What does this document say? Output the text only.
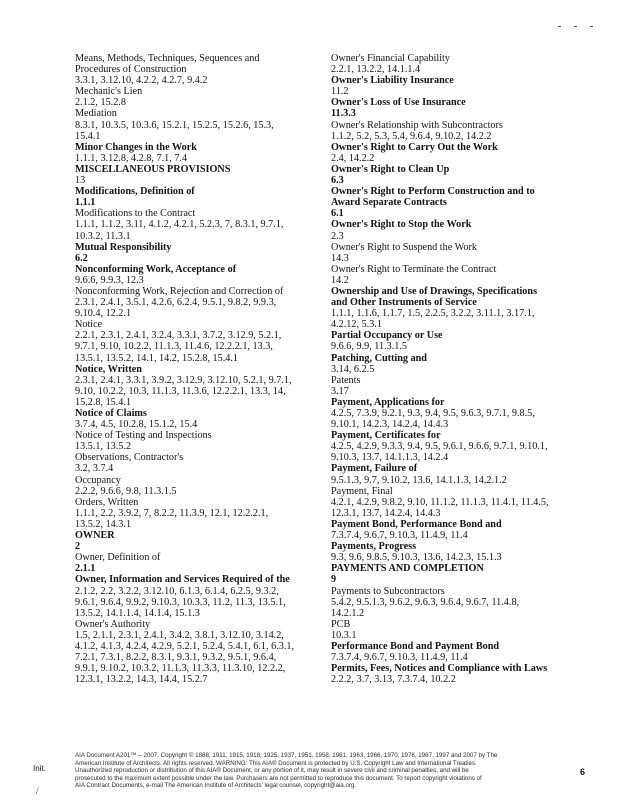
Means, Methods, Techniques, Sequences and
Procedures of Construction
3.3.1, 3.12.10, 4.2.2, 4.2.7, 9.4.2
Mechanic's Lien
2.1.2, 15.2.8
Mediation
8.3.1, 10.3.5, 10.3.6, 15.2.1, 15.2.5, 15.2.6, 15.3,
15.4.1
Minor Changes in the Work
1.1.1, 3.12.8, 4.2.8, 7.1, 7.4
MISCELLANEOUS PROVISIONS
13
Modifications, Definition of
1.1.1
Modifications to the Contract
1.1.1, 1.1.2, 3.11, 4.1.2, 4.2.1, 5.2.3, 7, 8.3.1, 9.7.1,
10.3.2, 11.3.1
Mutual Responsibility
6.2
Nonconforming Work, Acceptance of
9.6.6, 9.9.3, 12.3
Nonconforming Work, Rejection and Correction of
2.3.1, 2.4.1, 3.5.1, 4.2.6, 6.2.4, 9.5.1, 9.8.2, 9.9.3,
9.10.4, 12.2.1
Notice
2.2.1, 2.3.1, 2.4.1, 3.2.4, 3.3.1, 3.7.2, 3.12.9, 5.2.1,
9.7.1, 9.10, 10.2.2, 11.1.3, 11.4.6, 12.2.2.1, 13.3,
13.5.1, 13.5.2, 14.1, 14.2, 15.2.8, 15.4.1
Notice, Written
2.3.1, 2.4.1, 3.3.1, 3.9.2, 3.12.9, 3.12.10, 5.2.1, 9.7.1,
9.10, 10.2.2, 10.3, 11.1.3, 11.3.6, 12.2.2.1, 13.3, 14,
15.2.8, 15.4.1
Notice of Claims
3.7.4, 4.5, 10.2.8, 15.1.2, 15.4
Notice of Testing and Inspections
13.5.1, 13.5.2
Observations, Contractor's
3.2, 3.7.4
Occupancy
2.2.2, 9.6.6, 9.8, 11.3.1.5
Orders, Written
1.1.1, 2.2, 3.9.2, 7, 8.2.2, 11.3.9, 12.1, 12.2.2.1,
13.5.2, 14.3.1
OWNER
2
Owner, Definition of
2.1.1
Owner, Information and Services Required of the
2.1.2, 2.2, 3.2.2, 3.12.10, 6.1.3, 6.1.4, 6.2.5, 9.3.2,
9.6.1, 9.6.4, 9.9.2, 9.10.3, 10.3.3, 11.2, 11.3, 13.5.1,
13.5.2, 14.1.1.4, 14.1.4, 15.1.3
Owner's Authority
1.5, 2.1.1, 2.3.1, 2.4.1, 3.4.2, 3.8.1, 3.12.10, 3.14.2,
4.1.2, 4.1.3, 4.2.4, 4.2.9, 5.2.1, 5.2.4, 5.4.1, 6.1, 6.3.1,
7.2.1, 7.3.1, 8.2.2, 8.3.1, 9.3.1, 9.3.2, 9.5.1, 9.6.4,
9.9.1, 9.10.2, 10.3.2, 11.1.3, 11.3.3, 11.3.10, 12.2.2,
12.3.1, 13.2.2, 14.3, 14.4, 15.2.7
Owner's Financial Capability
2.2.1, 13.2.2, 14.1.1.4
Owner's Liability Insurance
11.2
Owner's Loss of Use Insurance
11.3.3
Owner's Relationship with Subcontractors
1.1.2, 5.2, 5.3, 5.4, 9.6.4, 9.10.2, 14.2.2
Owner's Right to Carry Out the Work
2.4, 14.2.2
Owner's Right to Clean Up
6.3
Owner's Right to Perform Construction and to
Award Separate Contracts
6.1
Owner's Right to Stop the Work
2.3
Owner's Right to Suspend the Work
14.3
Owner's Right to Terminate the Contract
14.2
Ownership and Use of Drawings, Specifications
and Other Instruments of Service
1.1.1, 1.1.6, 1.1.7, 1.5, 2.2.5, 3.2.2, 3.11.1, 3.17.1,
4.2.12, 5.3.1
Partial Occupancy or Use
9.6.6, 9.9, 11.3.1.5
Patching, Cutting and
3.14, 6.2.5
Patents
3.17
Payment, Applications for
4.2.5, 7.3.9, 9.2.1, 9.3, 9.4, 9.5, 9.6.3, 9.7.1, 9.8.5,
9.10.1, 14.2.3, 14.2.4, 14.4.3
Payment, Certificates for
4.2.5, 4.2.9, 9.3.3, 9.4, 9.5, 9.6.1, 9.6.6, 9.7.1, 9.10.1,
9.10.3, 13.7, 14.1.1.3, 14.2.4
Payment, Failure of
9.5.1.3, 9.7, 9.10.2, 13.6, 14.1.1.3, 14.2.1.2
Payment, Final
4.2.1, 4.2.9, 9.8.2, 9.10, 11.1.2, 11.1.3, 11.4.1, 11.4.5,
12.3.1, 13.7, 14.2.4, 14.4.3
Payment Bond, Performance Bond and
7.3.7.4, 9.6.7, 9.10.3, 11.4.9, 11.4
Payments, Progress
9.3, 9.6, 9.8.5, 9.10.3, 13.6, 14.2.3, 15.1.3
PAYMENTS AND COMPLETION
9
Payments to Subcontractors
5.4.2, 9.5.1.3, 9.6.2, 9.6.3, 9.6.4, 9.6.7, 11.4.8,
14.2.1.2
PCB
10.3.1
Performance Bond and Payment Bond
7.3.7.4, 9.6.7, 9.10.3, 11.4.9, 11.4
Permits, Fees, Notices and Compliance with Laws
2.2.2, 3.7, 3.13, 7.3.7.4, 10.2.2
Init.
/
AIA Document A201™ – 2007. Copyright © 1888, 1911, 1915, 1918, 1925, 1937, 1951, 1958, 1961, 1963, 1966, 1970, 1976, 1987, 1997 and 2007 by The
American Institute of Architects. All rights reserved. WARNING: This AIA® Document is protected by U.S. Copyright Law and International Treaties.
Unauthorized reproduction or distribution of this AIA® Document, or any portion of it, may result in severe civil and criminal penalties, and will be
prosecuted to the maximum extent possible under the law. Purchasers are not permitted to reproduce this document. To report copyright violations of
AIA Contract Documents, e-mail The American Institute of Architects' legal counsel, copyright@aia.org.
6
